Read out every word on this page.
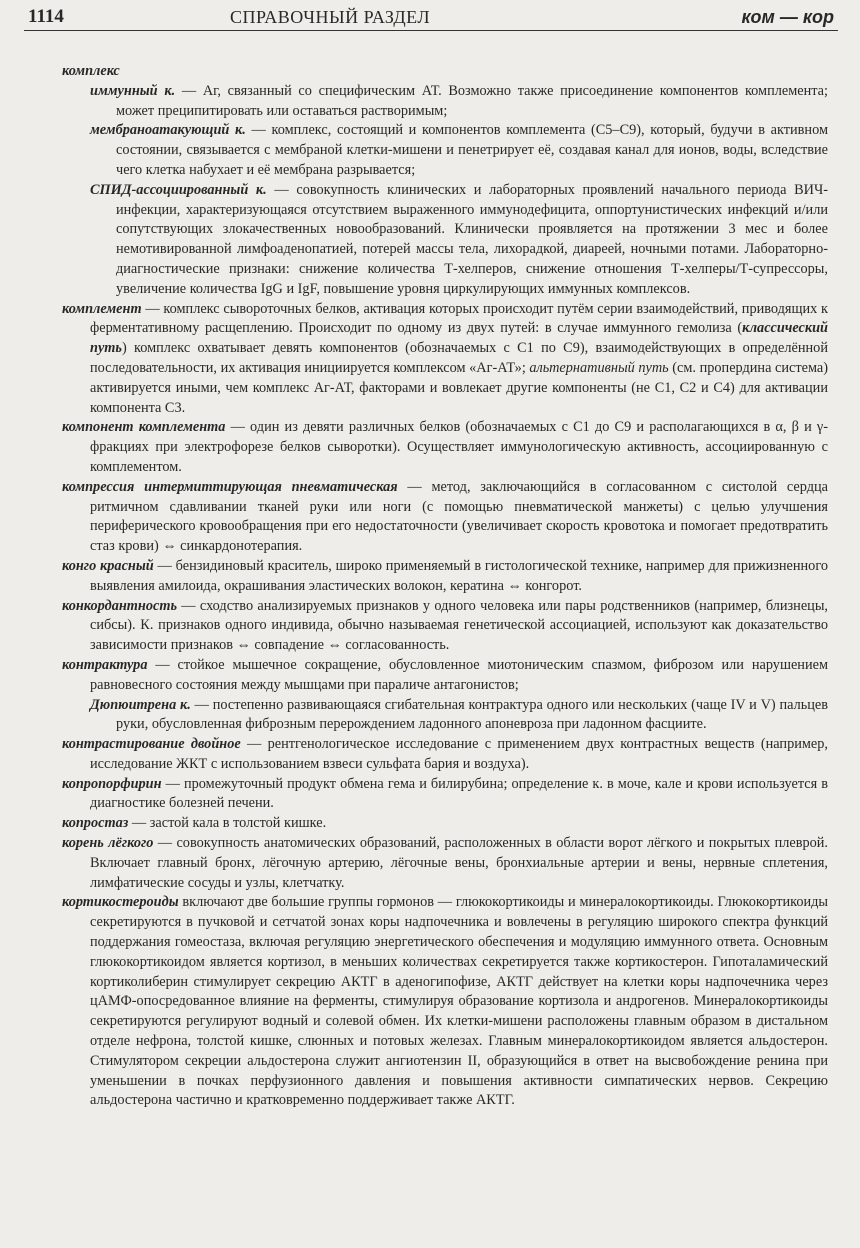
1114	СПРАВОЧНЫЙ РАЗДЕЛ	ком — кор

комплекс

иммунный к. — Аг, связанный со специфическим АТ. Возможно также присоединение компонентов комплемента; может преципитировать или оставаться растворимым;

мембраноатакующий к. — комплекс, состоящий и компонентов комплемента (С5–С9), который, будучи в активном состоянии, связывается с мембраной клетки-мишени и пенетрирует её, создавая канал для ионов, воды, вследствие чего клетка набухает и её мембрана разрывается;

СПИД-ассоциированный к. — совокупность клинических и лабораторных проявлений начального периода ВИЧ-инфекции, характеризующаяся отсутствием выраженного иммунодефицита, оппортунистических инфекций и/или сопутствующих злокачественных новообразований. Клинически проявляется на протяжении 3 мес и более немотивированной лимфоаденопатией, потерей массы тела, лихорадкой, диареей, ночными потами. Лабораторно-диагностические признаки: снижение количества Т-хелперов, снижение отношения Т-хелперы/Т-супрессоры, увеличение количества IgG и IgF, повышение уровня циркулирующих иммунных комплексов.

комплемент — комплекс сывороточных белков, активация которых происходит путём серии взаимодействий, приводящих к ферментативному расщеплению. Происходит по одному из двух путей: в случае иммунного гемолиза (классический путь) комплекс охватывает девять компонентов (обозначаемых с С1 по С9), взаимодействующих в определённой последовательности, их активация инициируется комплексом «Аг-АТ»; альтернативный путь (см. пропердина система) активируется иными, чем комплекс Аг-АТ, факторами и вовлекает другие компоненты (не С1, С2 и С4) для активации компонента С3.

компонент комплемента — один из девяти различных белков (обозначаемых с С1 до С9 и располагающихся в α, β и γ-фракциях при электрофорезе белков сыворотки). Осуществляет иммунологическую активность, ассоциированную с комплементом.

компрессия интермиттирующая пневматическая — метод, заключающийся в согласованном с систолой сердца ритмичном сдавливании тканей руки или ноги (с помощью пневматической манжеты) с целью улучшения периферического кровообращения при его недостаточности (увеличивает скорость кровотока и помогает предотвратить стаз крови) ⇔ синкардонотерапия.

конго красный — бензидиновый краситель, широко применяемый в гистологической технике, например для прижизненного выявления амилоида, окрашивания эластических волокон, кератина ⇔ конгорот.

конкордантность — сходство анализируемых признаков у одного человека или пары родственников (например, близнецы, сибсы). К. признаков одного индивида, обычно называемая генетической ассоциацией, используют как доказательство зависимости признаков ⇔ совпадение ⇔ согласованность.

контрактура — стойкое мышечное сокращение, обусловленное миотоническим спазмом, фиброзом или нарушением равновесного состояния между мышцами при параличе антагонистов;

Дюпюитрена к. — постепенно развивающаяся сгибательная контрактура одного или нескольких (чаще IV и V) пальцев руки, обусловленная фиброзным перерождением ладонного апоневроза при ладонном фасциите.

контрастирование двойное — рентгенологическое исследование с применением двух контрастных веществ (например, исследование ЖКТ с использованием взвеси сульфата бария и воздуха).

копропорфирин — промежуточный продукт обмена гема и билирубина; определение к. в моче, кале и крови используется в диагностике болезней печени.

копростаз — застой кала в толстой кишке.

корень лёгкого — совокупность анатомических образований, расположенных в области ворот лёгкого и покрытых плеврой. Включает главный бронх, лёгочную артерию, лёгочные вены, бронхиальные артерии и вены, нервные сплетения, лимфатические сосуды и узлы, клетчатку.

кортикостероиды включают две большие группы гормонов — глюкокортикоиды и минералокортикоиды. Глюкокортикоиды секретируются в пучковой и сетчатой зонах коры надпочечника и вовлечены в регуляцию широкого спектра функций поддержания гомеостаза, включая регуляцию энергетического обеспечения и модуляцию иммунного ответа. Основным глюкокортикоидом является кортизол, в меньших количествах секретируется также кортикостерон. Гипоталамический кортиколиберин стимулирует секрецию АКТГ в аденогипофизе, АКТГ действует на клетки коры надпочечника через цАМФ-опосредованное влияние на ферменты, стимулируя образование кортизола и андрогенов. Минералокортикоиды секретируются регулируют водный и солевой обмен. Их клетки-мишени расположены главным образом в дистальном отделе нефрона, толстой кишке, слюнных и потовых железах. Главным минералокортикоидом является альдостерон. Стимулятором секреции альдостерона служит ангиотензин II, образующийся в ответ на высвобождение ренина при уменьшении в почках перфузионного давления и повышения активности симпатических нервов. Секрецию альдостерона частично и кратковременно поддерживает также АКТГ.
